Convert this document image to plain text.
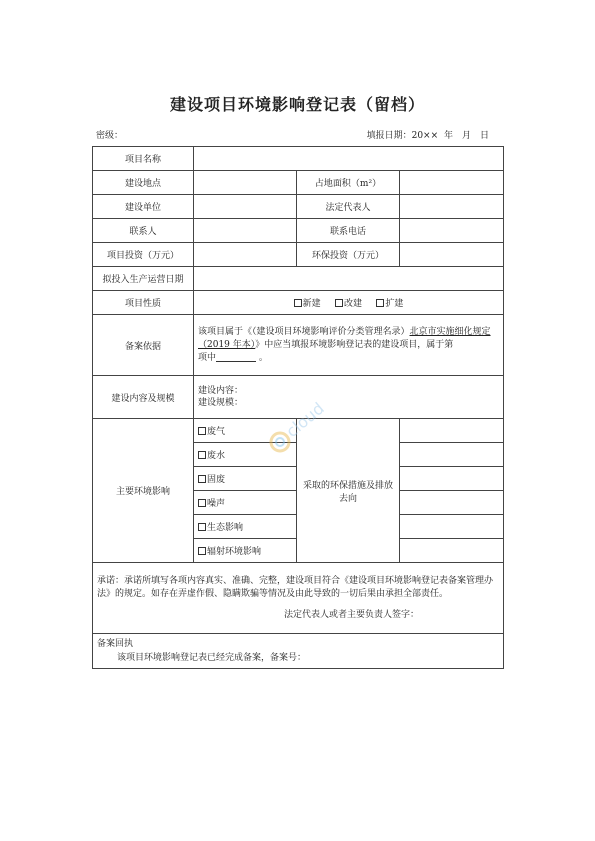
建设项目环境影响登记表（留档）
密级：	填报日期：20×× 年　月　日
项目名称			
建设地点		占地面积（m²）	
建设单位		法定代表人	
联系人		联系电话	
项目投资（万元）		环保投资（万元）	
拟投入生产运营日期			
项目性质	新建 改建 扩建		
备案依据	该项目属于《（建设项目环境影响评价分类管理名录）北京市实施细化规定（2019 年本）》中应当填报环境影响登记表的建设项目，属于第
项中 。		
建设内容及规模	建设内容：
建设规模：		
主要环境影响	废气	采取的环保措施及排放去向	
	废水		
	固废		
	噪声		
	生态影响		
	辐射环境影响		

承诺：承诺所填写各项内容真实、准确、完整，建设项目符合《建设项目环境影响登记表备案管理办法》的规定。如存在弄虚作假、隐瞒欺骗等情况及由此导致的一切后果由承担全部责任。
法定代表人或者主要负责人签字：			

备案回执
该项目环境影响登记表已经完成备案，备案号：			
cloud
